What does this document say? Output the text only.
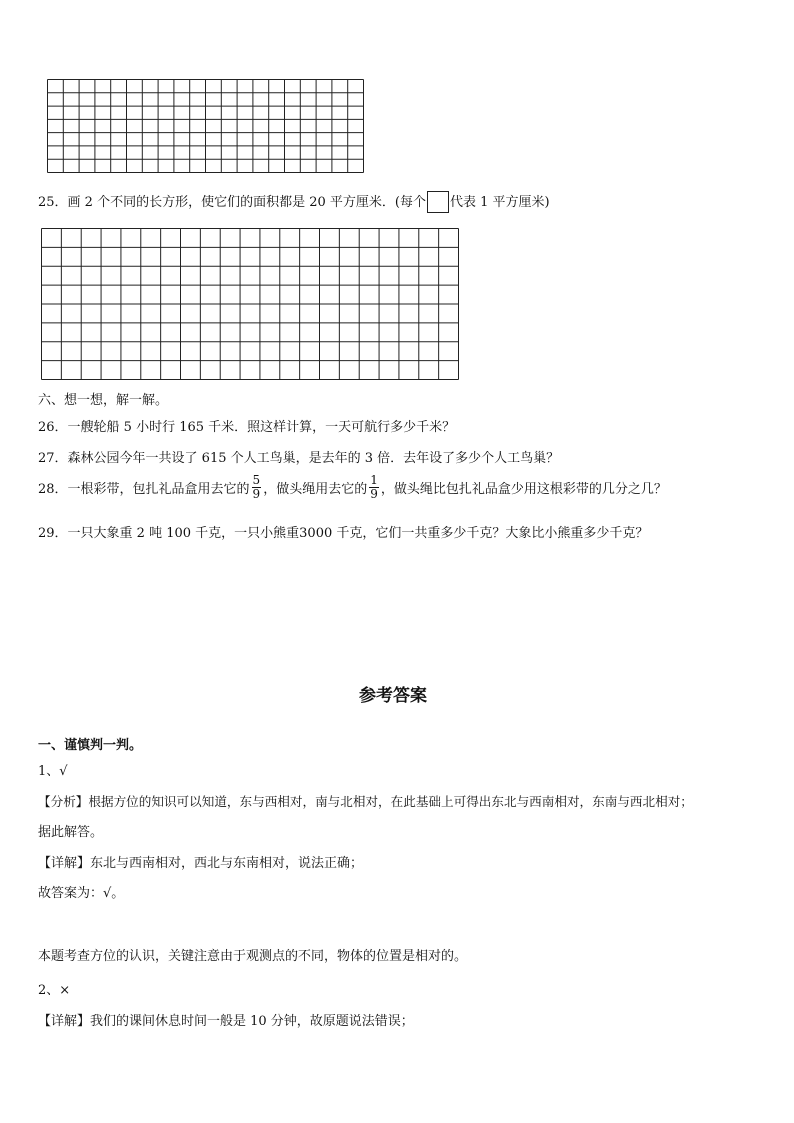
25．画 2 个不同的长方形，使它们的面积都是 20 平方厘米．(每个 代表 1 平方厘米)
六、想一想，解一解。
26．一艘轮船 5 小时行 165 千米．照这样计算，一天可航行多少千米？
27．森林公园今年一共设了 615 个人工鸟巢，是去年的 3 倍．去年设了多少个人工鸟巢？
28．一根彩带，包扎礼品盒用去它的 $\frac{5}{9}$ ，做头绳用去它的 $\frac{1}{9}$ ，做头绳比包扎礼品盒少用这根彩带的几分之几？
29．一只大象重 2 吨 100 千克，一只小熊重3000 千克，它们一共重多少千克？大象比小熊重多少千克？
参考答案
一、谨慎判一判。
1、√
【分析】根据方位的知识可以知道，东与西相对，南与北相对，在此基础上可得出东北与西南相对，东南与西北相对；
据此解答。
【详解】东北与西南相对，西北与东南相对，说法正确；
故答案为：√。
本题考查方位的认识，关键注意由于观测点的不同，物体的位置是相对的。
2、×
【详解】我们的课间休息时间一般是 10 分钟，故原题说法错误；
